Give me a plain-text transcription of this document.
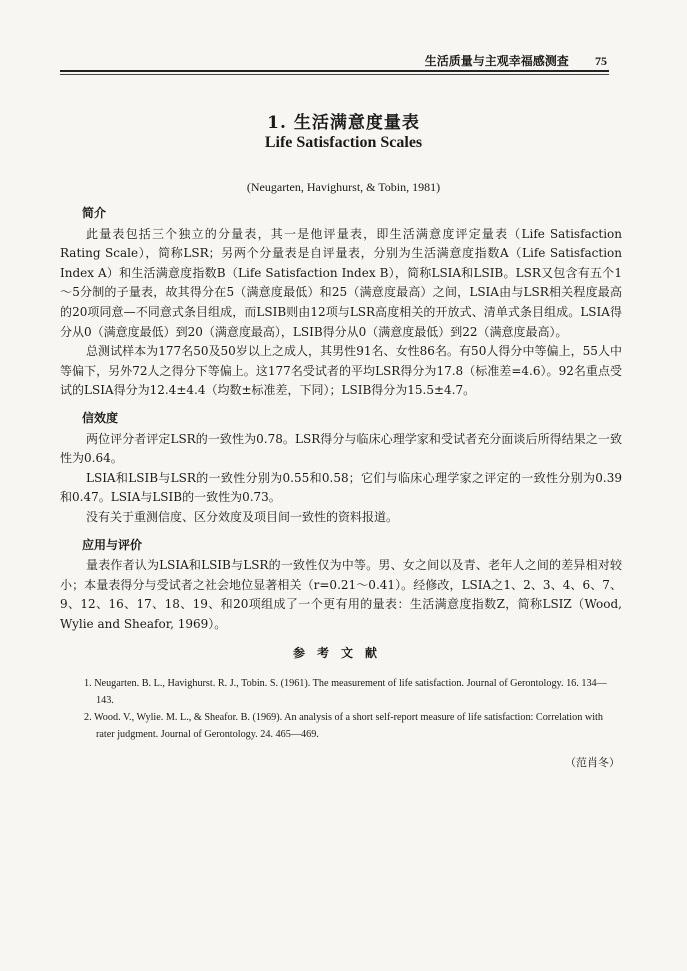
生活质量与主观幸福感测查 75
1. 生活满意度量表
Life Satisfaction Scales
(Neugarten, Havighurst, & Tobin, 1981)
简介

此量表包括三个独立的分量表，其一是他评量表，即生活满意度评定量表（Life Satisfaction Rating Scale），简称LSR；另两个分量表是自评量表，分别为生活满意度指数A（Life Satisfaction Index A）和生活满意度指数B（Life Satisfaction Index B），简称LSIA和LSIB。LSR又包含有五个1～5分制的子量表，故其得分在5（满意度最低）和25（满意度最高）之间，LSIA由与LSR相关程度最高的20项同意—不同意式条目组成，而LSIB则由12项与LSR高度相关的开放式、清单式条目组成。LSIA得分从0（满意度最低）到20（满意度最高），LSIB得分从0（满意度最低）到22（满意度最高）。

总测试样本为177名50及50岁以上之成人，其男性91名、女性86名。有50人得分中等偏上，55人中等偏下，另外72人之得分下等偏上。这177名受试者的平均LSR得分为17.8（标准差=4.6）。92名重点受试的LSIA得分为12.4±4.4（均数±标准差，下同）；LSIB得分为15.5±4.7。

信效度

两位评分者评定LSR的一致性为0.78。LSR得分与临床心理学家和受试者充分面谈后所得结果之一致性为0.64。

LSIA和LSIB与LSR的一致性分别为0.55和0.58；它们与临床心理学家之评定的一致性分别为0.39和0.47。LSIA与LSIB的一致性为0.73。

没有关于重测信度、区分效度及项目间一致性的资料报道。

应用与评价

量表作者认为LSIA和LSIB与LSR的一致性仅为中等。男、女之间以及青、老年人之间的差异相对较小；本量表得分与受试者之社会地位显著相关（r=0.21～0.41）。经修改，LSIA之1、2、3、4、6、7、9、12、16、17、18、19、和20项组成了一个更有用的量表：生活满意度指数Z，简称LSIZ（Wood, Wylie and Sheafor, 1969）。

参考文献

1. Neugarten. B. L., Havighurst. R. J., Tobin. S. (1961). The measurement of life satisfaction. Journal of Gerontology. 16. 134—143.

2. Wood. V., Wylie. M. L., & Sheafor. B. (1969). An analysis of a short self-report measure of life satisfaction: Correlation with rater judgment. Journal of Gerontology. 24. 465—469.

（范肖冬）
